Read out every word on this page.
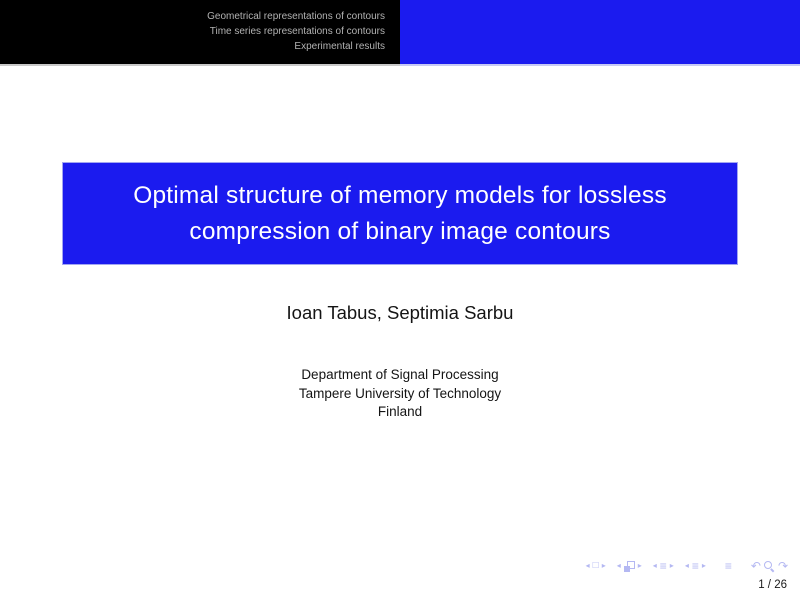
Geometrical representations of contours
Time series representations of contours
Experimental results
Optimal structure of memory models for lossless
compression of binary image contours
Ioan Tabus, Septimia Sarbu
Department of Signal Processing
Tampere University of Technology
Finland
◂ □ ▸ ◂ ▸ ◂ ≡ ▸ ◂ ≡ ▸ ≡ ↶ ↷
1 / 26
